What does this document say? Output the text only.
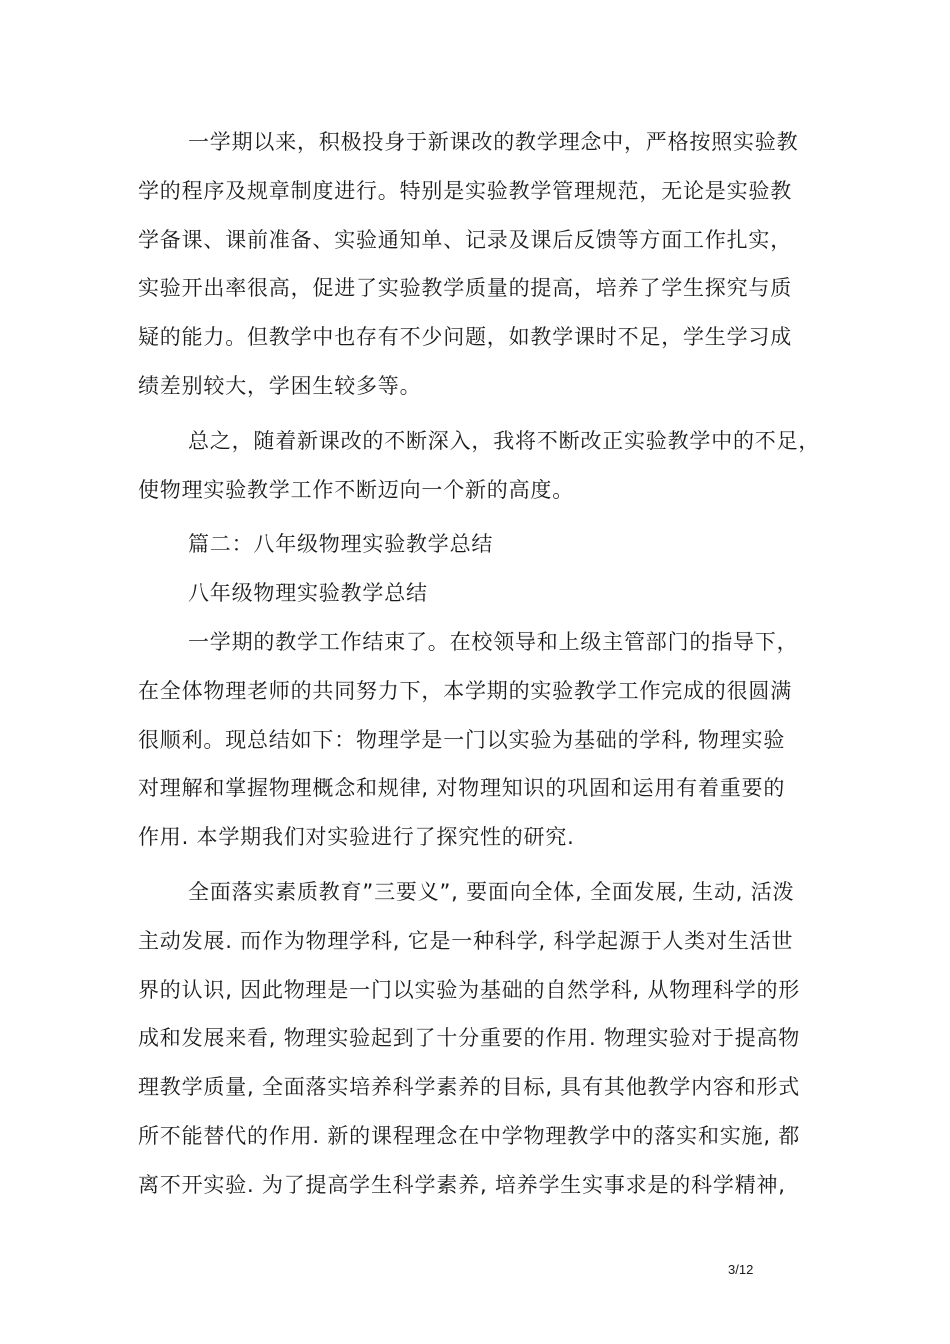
一学期以来，积极投身于新课改的教学理念中，严格按照实验教
学的程序及规章制度进行。特别是实验教学管理规范，无论是实验教
学备课、课前准备、实验通知单、记录及课后反馈等方面工作扎实，
实验开出率很高，促进了实验教学质量的提高，培养了学生探究与质
疑的能力。但教学中也存有不少问题，如教学课时不足，学生学习成
绩差别较大，学困生较多等。
总之，随着新课改的不断深入，我将不断改正实验教学中的不足，
使物理实验教学工作不断迈向一个新的高度。
篇二：八年级物理实验教学总结
八年级物理实验教学总结
一学期的教学工作结束了。在校领导和上级主管部门的指导下，
在全体物理老师的共同努力下，本学期的实验教学工作完成的很圆满
很顺利。现总结如下：物理学是一门以实验为基础的学科, 物理实验
对理解和掌握物理概念和规律, 对物理知识的巩固和运用有着重要的
作用. 本学期我们对实验进行了探究性的研究.
全面落实素质教育”三要义”, 要面向全体, 全面发展, 生动, 活泼
主动发展. 而作为物理学科, 它是一种科学, 科学起源于人类对生活世
界的认识, 因此物理是一门以实验为基础的自然学科, 从物理科学的形
成和发展来看, 物理实验起到了十分重要的作用. 物理实验对于提高物
理教学质量, 全面落实培养科学素养的目标, 具有其他教学内容和形式
所不能替代的作用. 新的课程理念在中学物理教学中的落实和实施, 都
离不开实验. 为了提高学生科学素养, 培养学生实事求是的科学精神,
3/12
